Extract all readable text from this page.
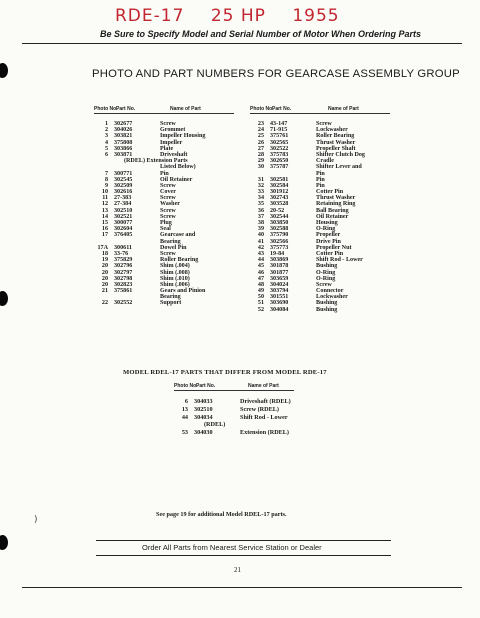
RDE-17 25 HP 1955
Be Sure to Specify Model and Serial Number of Motor When Ordering Parts
PHOTO AND PART NUMBERS FOR GEARCASE ASSEMBLY GROUP
Photo No.
Part No.	Name of Part
1 302677	Screw
2 304026	Grommet
3 303821	Impeller Housing
4 375808	Impeller
5 303866	Plate
6 303871	Driveshaft
(RDEL) Extension Parts
Listed Below)
7 300771	Pin
8 302545	Oil Retainer
9 302509	Screw
10 302616	Cover
11 27-383	Screw
12 27-384	Washer
13 302510	Screw
14 302521	Screw
15 300077	Plug
16 302604	Seal
17 376405	Gearcase and
Bearing
17A 300611	Dowel Pin
18 33-76	Screw
19 375829	Roller Bearing
20 302796	Shim (.004)
20 302797	Shim (.008)
20 302798	Shim (.010)
20 302823	Shim (.006)
21 375861	Gears and Pinion
Bearing
22 302552	Support
Photo No.
Part No.	Name of Part
23 43-147	Screw
24 71-915	Lockwasher
25 375761	Roller Bearing
26 302565	Thrust Washer
27 302522	Propeller Shaft
28 375783	Shifter Clutch Dog
29 302650	Cradle
30 375787	Shifter Lever and
Pin
31 302581	Pin
32 302584	Pin
33 301912	Cotter Pin
34 302743	Thrust Washer
35 303528	Retaining Ring
36 20-52	Ball Bearing
37 302544	Oil Retainer
38 303850	Housing
39 302588	O-Ring
40 375790	Propeller
41 302566	Drive Pin
42 375773	Propeller Nut
43 19-84	Cotter Pin
44 303869	Shift Rod - Lower
45 301878	Bushing
46 301877	O-Ring
47 303659	O-Ring
48 304024	Screw
49 303794	Connector
50 301551	Lockwasher
51 303690	Bushing
52 304084	Bushing
MODEL RDEL-17 PARTS THAT DIFFER FROM MODEL RDE-17
Photo No.
Part No.	Name of Part
6 304033	Driveshaft (RDEL)
13 302510	Screw (RDEL)
44 304034	Shift Rod - Lower
(RDEL)
53 304030	Extension (RDEL)
See page 19 for additional Model RDEL-17 parts.
Order All Parts from Nearest Service Station or Dealer
21
)
